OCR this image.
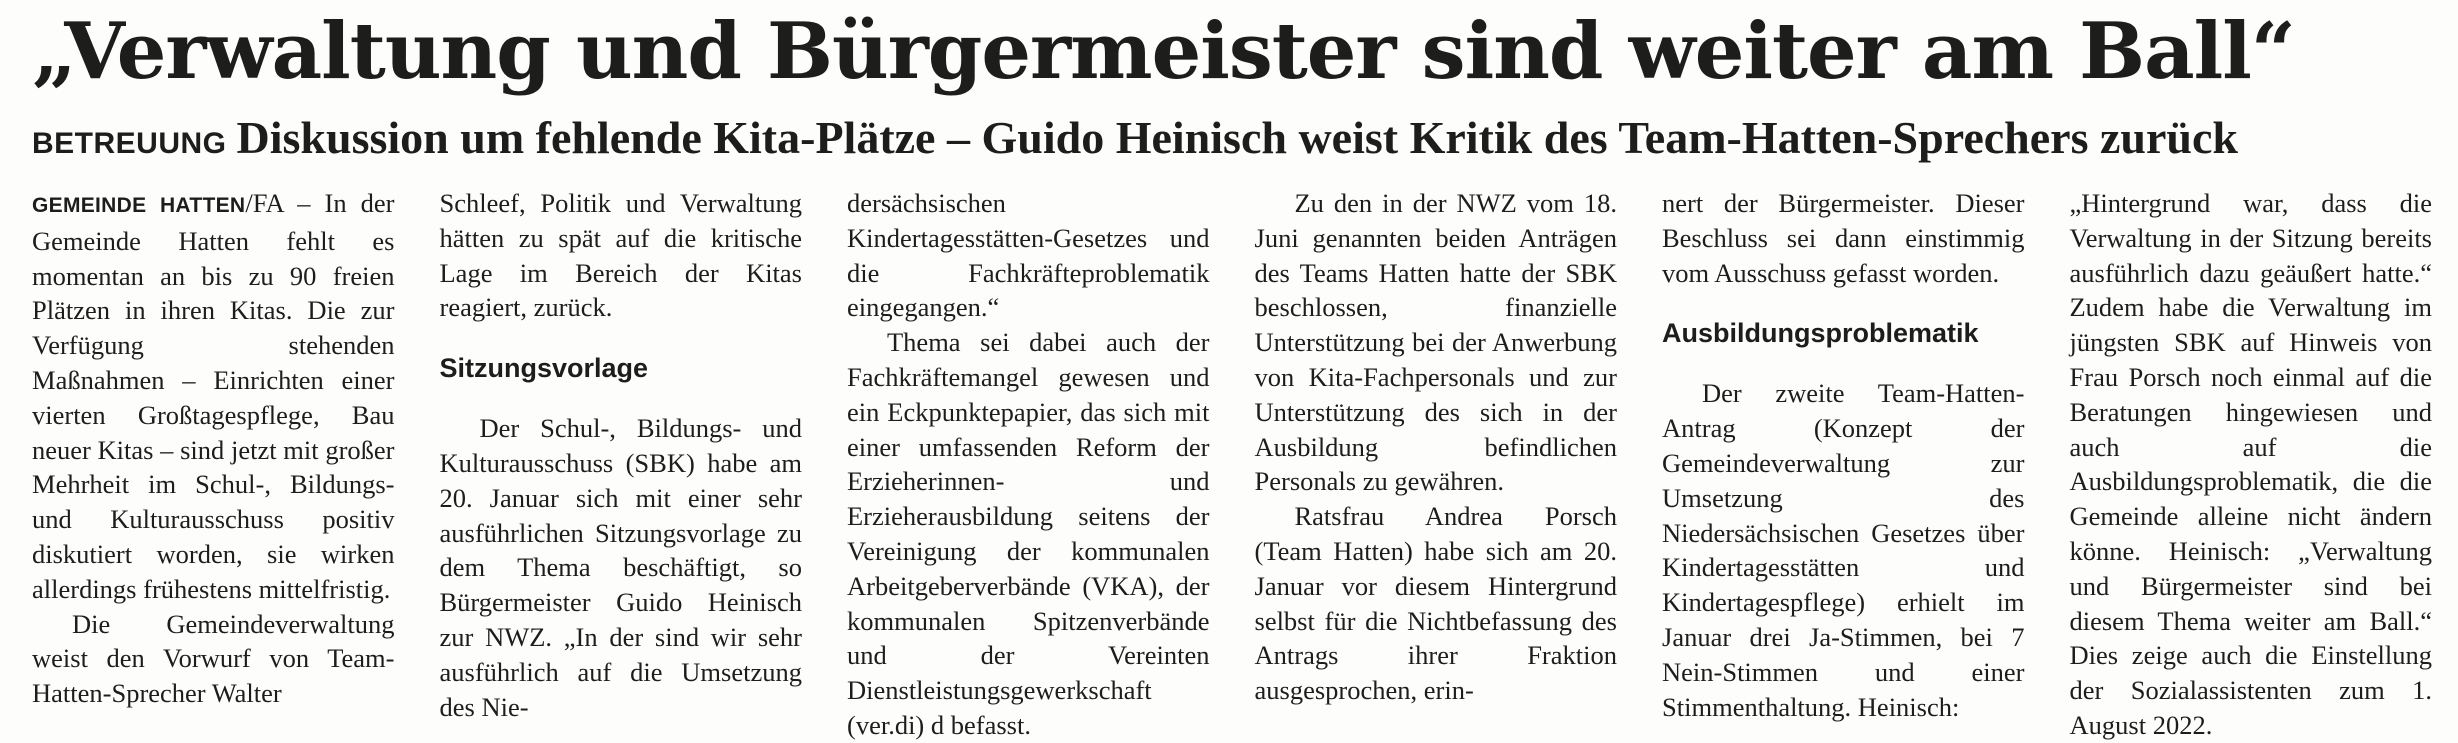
„Verwaltung und Bürgermeister sind weiter am Ball“
BETREUUNG Diskussion um fehlende Kita-Plätze – Guido Heinisch weist Kritik des Team-Hatten-Sprechers zurück

GEMEINDE HATTEN/FA – In der Gemeinde Hatten fehlt es momentan an bis zu 90 freien Plätzen in ihren Kitas. Die zur Verfügung stehenden Maßnahmen – Einrichten einer vierten Großtagespflege, Bau neuer Kitas – sind jetzt mit großer Mehrheit im Schul-, Bildungs- und Kulturausschuss positiv diskutiert worden, sie wirken allerdings frühestens mittelfristig.

Die Gemeindeverwaltung weist den Vorwurf von Team-Hatten-Sprecher Walter

Schleef, Politik und Verwaltung hätten zu spät auf die kritische Lage im Bereich der Kitas reagiert, zurück.

Sitzungsvorlage

Der Schul-, Bildungs- und Kulturausschuss (SBK) habe am 20. Januar sich mit einer sehr ausführlichen Sitzungsvorlage zu dem Thema beschäftigt, so Bürgermeister Guido Heinisch zur NWZ. „In der sind wir sehr ausführlich auf die Umsetzung des Nie-

dersächsischen Kindertagesstätten-Gesetzes und die Fachkräfteproblematik eingegangen.“

Thema sei dabei auch der Fachkräftemangel gewesen und ein Eckpunktepapier, das sich mit einer umfassenden Reform der Erzieherinnen- und Erzieherausbildung seitens der Vereinigung der kommunalen Arbeitgeberverbände (VKA), der kommunalen Spitzenverbände und der Vereinten Dienstleistungsgewerkschaft (ver.di) d befasst.

Zu den in der NWZ vom 18. Juni genannten beiden Anträgen des Teams Hatten hatte der SBK beschlossen, finanzielle Unterstützung bei der Anwerbung von Kita-Fachpersonals und zur Unterstützung des sich in der Ausbildung befindlichen Personals zu gewähren.

Ratsfrau Andrea Porsch (Team Hatten) habe sich am 20. Januar vor diesem Hintergrund selbst für die Nichtbefassung des Antrags ihrer Fraktion ausgesprochen, erin-

nert der Bürgermeister. Dieser Beschluss sei dann einstimmig vom Ausschuss gefasst worden.

Ausbildungsproblematik

Der zweite Team-Hatten-Antrag (Konzept der Gemeindeverwaltung zur Umsetzung des Niedersächsischen Gesetzes über Kindertagesstätten und Kindertagespflege) erhielt im Januar drei Ja-Stimmen, bei 7 Nein-Stimmen und einer Stimmenthaltung. Heinisch:

„Hintergrund war, dass die Verwaltung in der Sitzung bereits ausführlich dazu geäußert hatte.“ Zudem habe die Verwaltung im jüngsten SBK auf Hinweis von Frau Porsch noch einmal auf die Beratungen hingewiesen und auch auf die Ausbildungsproblematik, die die Gemeinde alleine nicht ändern könne. Heinisch: „Verwaltung und Bürgermeister sind bei diesem Thema weiter am Ball.“ Dies zeige auch die Einstellung der Sozialassistenten zum 1. August 2022.
